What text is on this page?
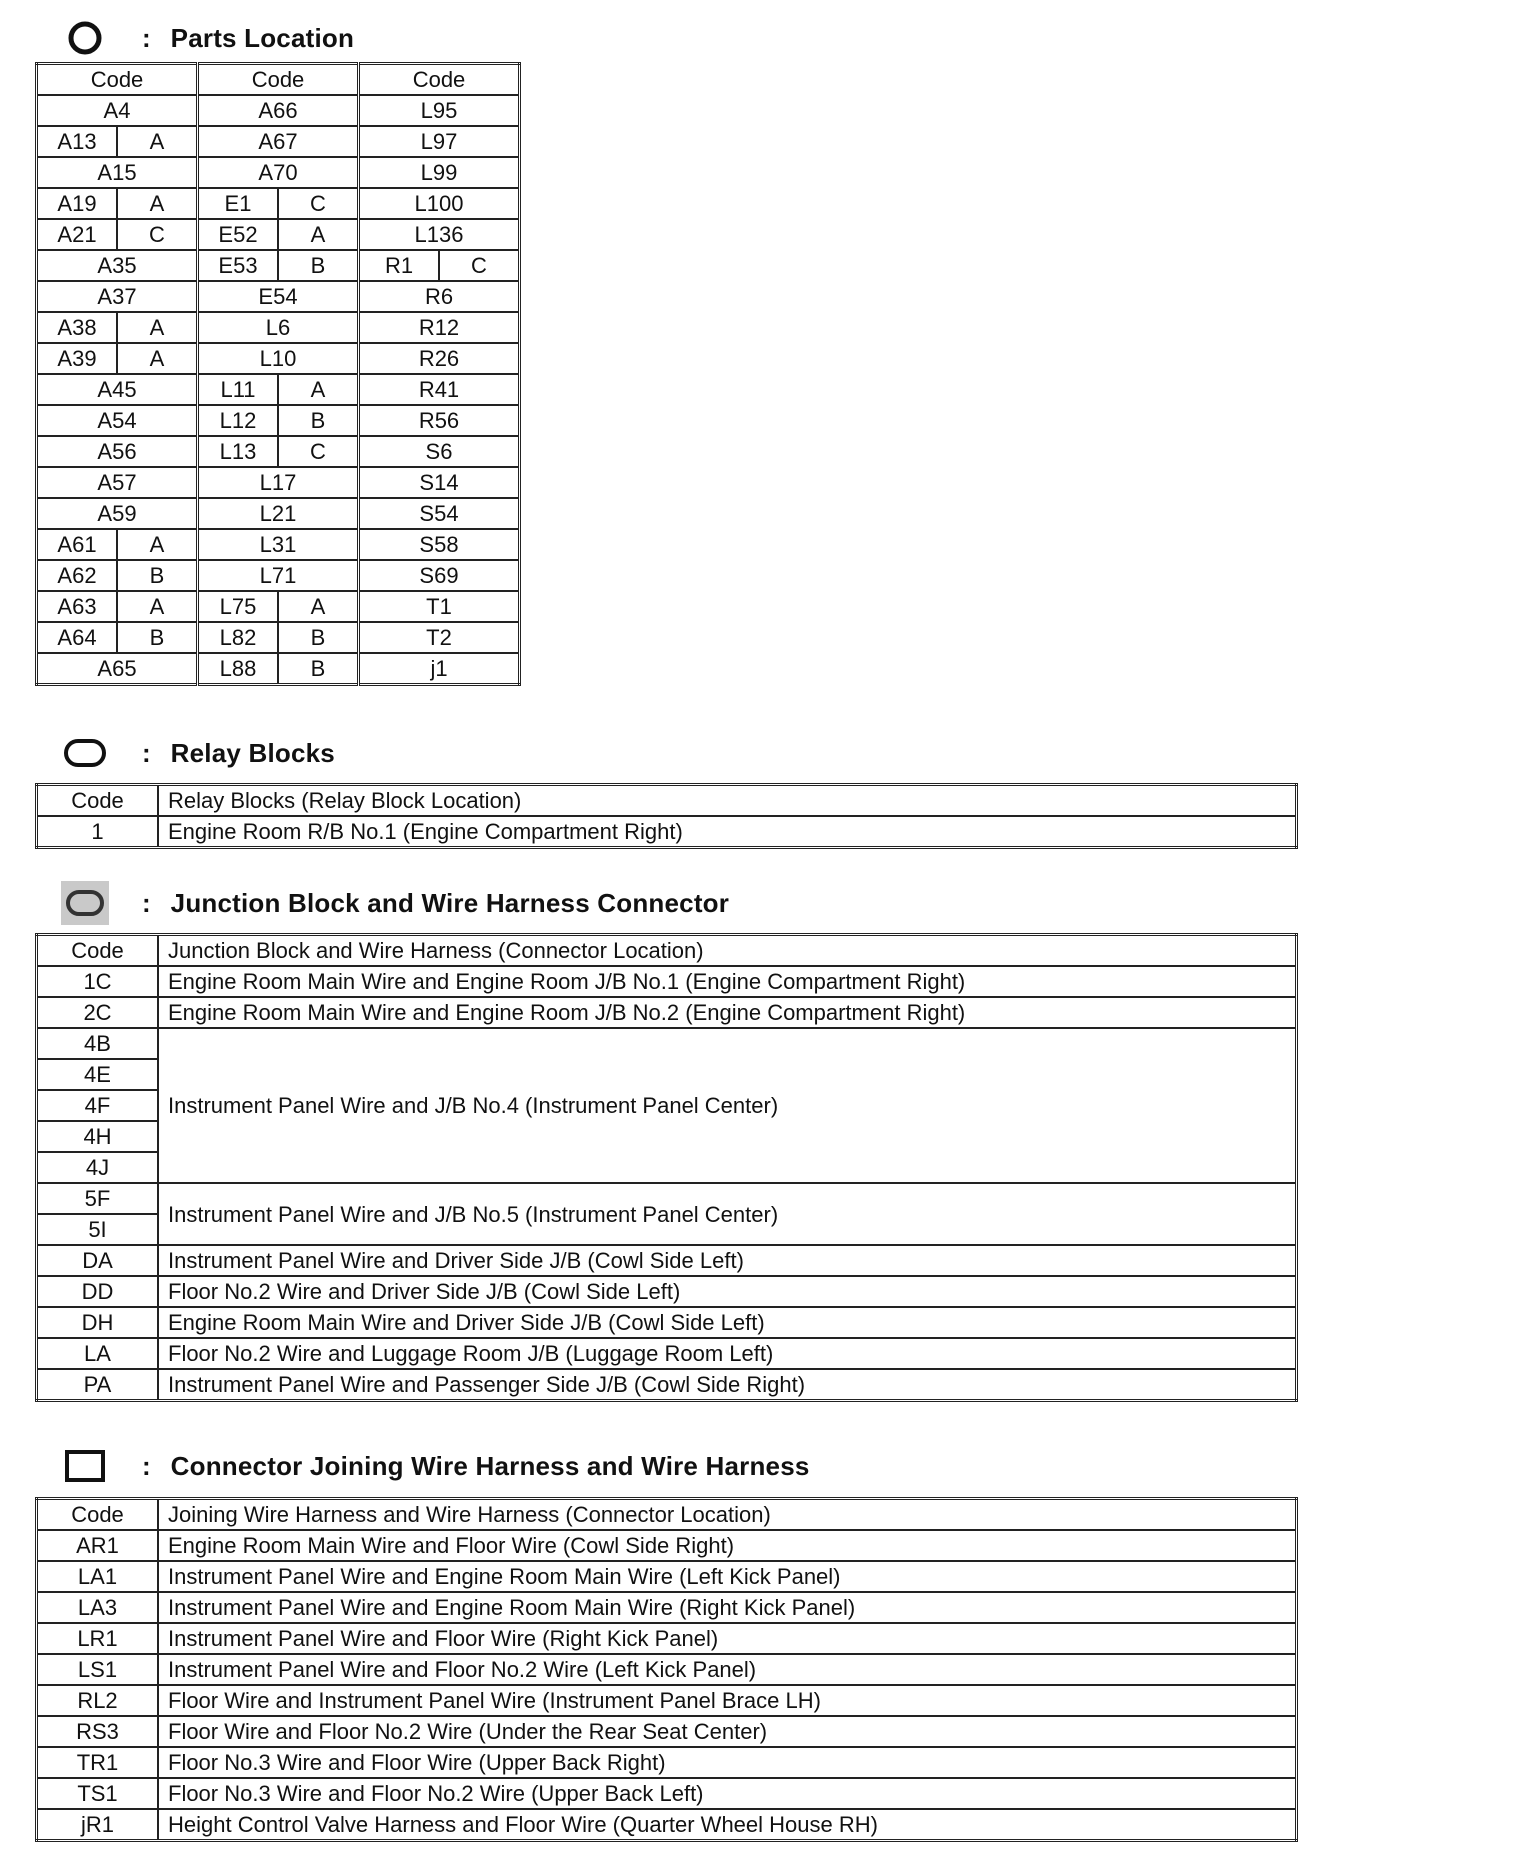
: Parts Location
Code		Code		Code	
A4		A66		L95	
A13	A	A67		L97	
A15		A70		L99	
A19	A	E1	C	L100	
A21	C	E52	A	L136	
A35		E53	B	R1	C
A37		E54		R6	
A38	A	L6		R12	
A39	A	L10		R26	
A45		L11	A	R41	
A54		L12	B	R56	
A56		L13	C	S6	
A57		L17		S14	
A59		L21		S54	
A61	A	L31		S58	
A62	B	L71		S69	
A63	A	L75	A	T1	
A64	B	L82	B	T2	
A65		L88	B	j1	
: Relay Blocks
Code	Relay Blocks (Relay Block Location)
1	Engine Room R/B No.1 (Engine Compartment Right)
: Junction Block and Wire Harness Connector
Code	Junction Block and Wire Harness (Connector Location)
1C	Engine Room Main Wire and Engine Room J/B No.1 (Engine Compartment Right)
2C	Engine Room Main Wire and Engine Room J/B No.2 (Engine Compartment Right)
4B	Instrument Panel Wire and J/B No.4 (Instrument Panel Center)
4E	
4F	
4H	
4J	
5F	Instrument Panel Wire and J/B No.5 (Instrument Panel Center)
5I	
DA	Instrument Panel Wire and Driver Side J/B (Cowl Side Left)
DD	Floor No.2 Wire and Driver Side J/B (Cowl Side Left)
DH	Engine Room Main Wire and Driver Side J/B (Cowl Side Left)
LA	Floor No.2 Wire and Luggage Room J/B (Luggage Room Left)
PA	Instrument Panel Wire and Passenger Side J/B (Cowl Side Right)
: Connector Joining Wire Harness and Wire Harness
Code	Joining Wire Harness and Wire Harness (Connector Location)
AR1	Engine Room Main Wire and Floor Wire (Cowl Side Right)
LA1	Instrument Panel Wire and Engine Room Main Wire (Left Kick Panel)
LA3	Instrument Panel Wire and Engine Room Main Wire (Right Kick Panel)
LR1	Instrument Panel Wire and Floor Wire (Right Kick Panel)
LS1	Instrument Panel Wire and Floor No.2 Wire (Left Kick Panel)
RL2	Floor Wire and Instrument Panel Wire (Instrument Panel Brace LH)
RS3	Floor Wire and Floor No.2 Wire (Under the Rear Seat Center)
TR1	Floor No.3 Wire and Floor Wire (Upper Back Right)
TS1	Floor No.3 Wire and Floor No.2 Wire (Upper Back Left)
jR1	Height Control Valve Harness and Floor Wire (Quarter Wheel House RH)
